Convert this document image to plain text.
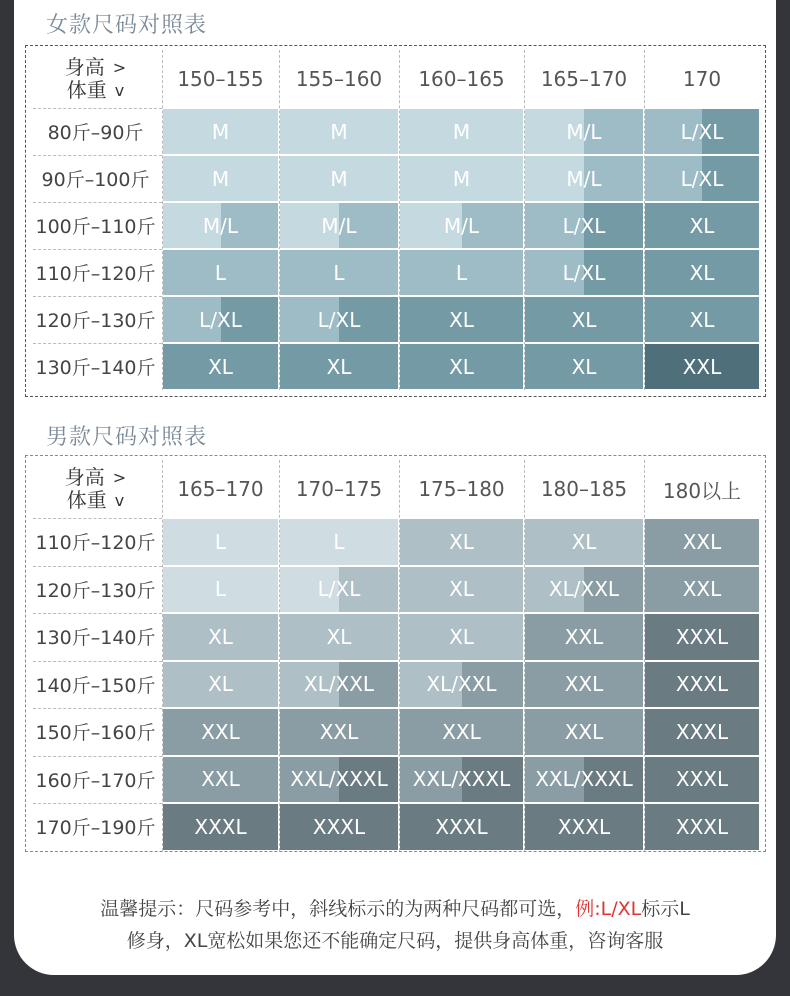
女款尺码对照表
身高 >
体重 v	150–155	155–160	160–165	165–170	170
80斤–90斤	M	M	M	M/L	L/XL
90斤–100斤	M	M	M	M/L	L/XL
100斤–110斤	M/L	M/L	M/L	L/XL	XL
110斤–120斤	L	L	L	L/XL	XL
120斤–130斤	L/XL	L/XL	XL	XL	XL
130斤–140斤	XL	XL	XL	XL	XXL
男款尺码对照表
身高 >
体重 v	165–170	170–175	175–180	180–185	180以上
110斤–120斤	L	L	XL	XL	XXL
120斤–130斤	L	L/XL	XL	XL/XXL	XXL
130斤–140斤	XL	XL	XL	XXL	XXXL
140斤–150斤	XL	XL/XXL	XL/XXL	XXL	XXXL
150斤–160斤	XXL	XXL	XXL	XXL	XXXL
160斤–170斤	XXL	XXL/XXXL	XXL/XXXL	XXL/XXXL	XXXL
170斤–190斤	XXXL	XXXL	XXXL	XXXL	XXXL
温馨提示：尺码参考中，斜线标示的为两种尺码都可选，例:L/XL标示L
修身，XL宽松如果您还不能确定尺码，提供身高体重，咨询客服
